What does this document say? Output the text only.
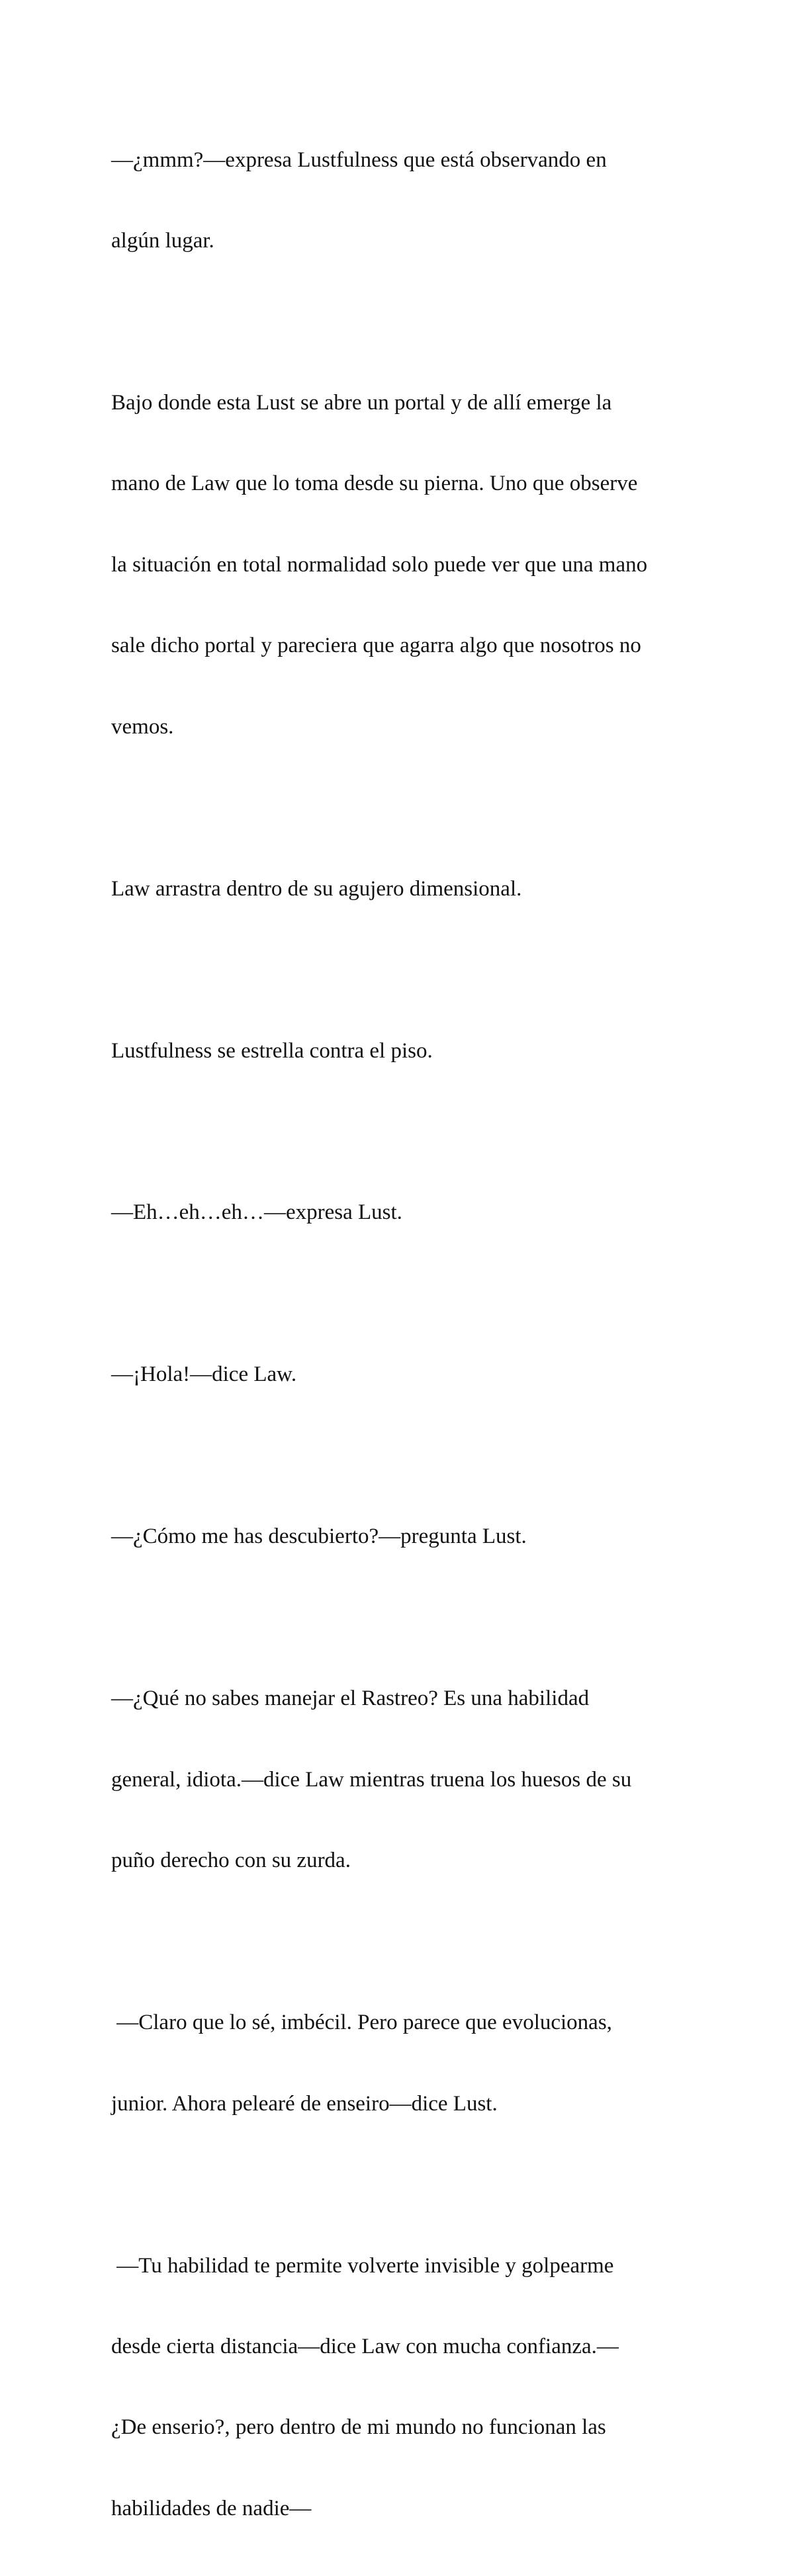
—¿mmm?—expresa Lustfulness que está observando en

algún lugar.

Bajo donde esta Lust se abre un portal y de allí emerge la

mano de Law que lo toma desde su pierna. Uno que observe

la situación en total normalidad solo puede ver que una mano

sale dicho portal y pareciera que agarra algo que nosotros no

vemos.

Law arrastra dentro de su agujero dimensional.

Lustfulness se estrella contra el piso.

—Eh…eh…eh…—expresa Lust.

—¡Hola!—dice Law.

—¿Cómo me has descubierto?—pregunta Lust.

—¿Qué no sabes manejar el Rastreo? Es una habilidad

general, idiota.—dice Law mientras truena los huesos de su

puño derecho con su zurda.

—Claro que lo sé, imbécil. Pero parece que evolucionas,

junior. Ahora pelearé de enseiro—dice Lust.

—Tu habilidad te permite volverte invisible y golpearme

desde cierta distancia—dice Law con mucha confianza.—

¿De enserio?, pero dentro de mi mundo no funcionan las

habilidades de nadie—
